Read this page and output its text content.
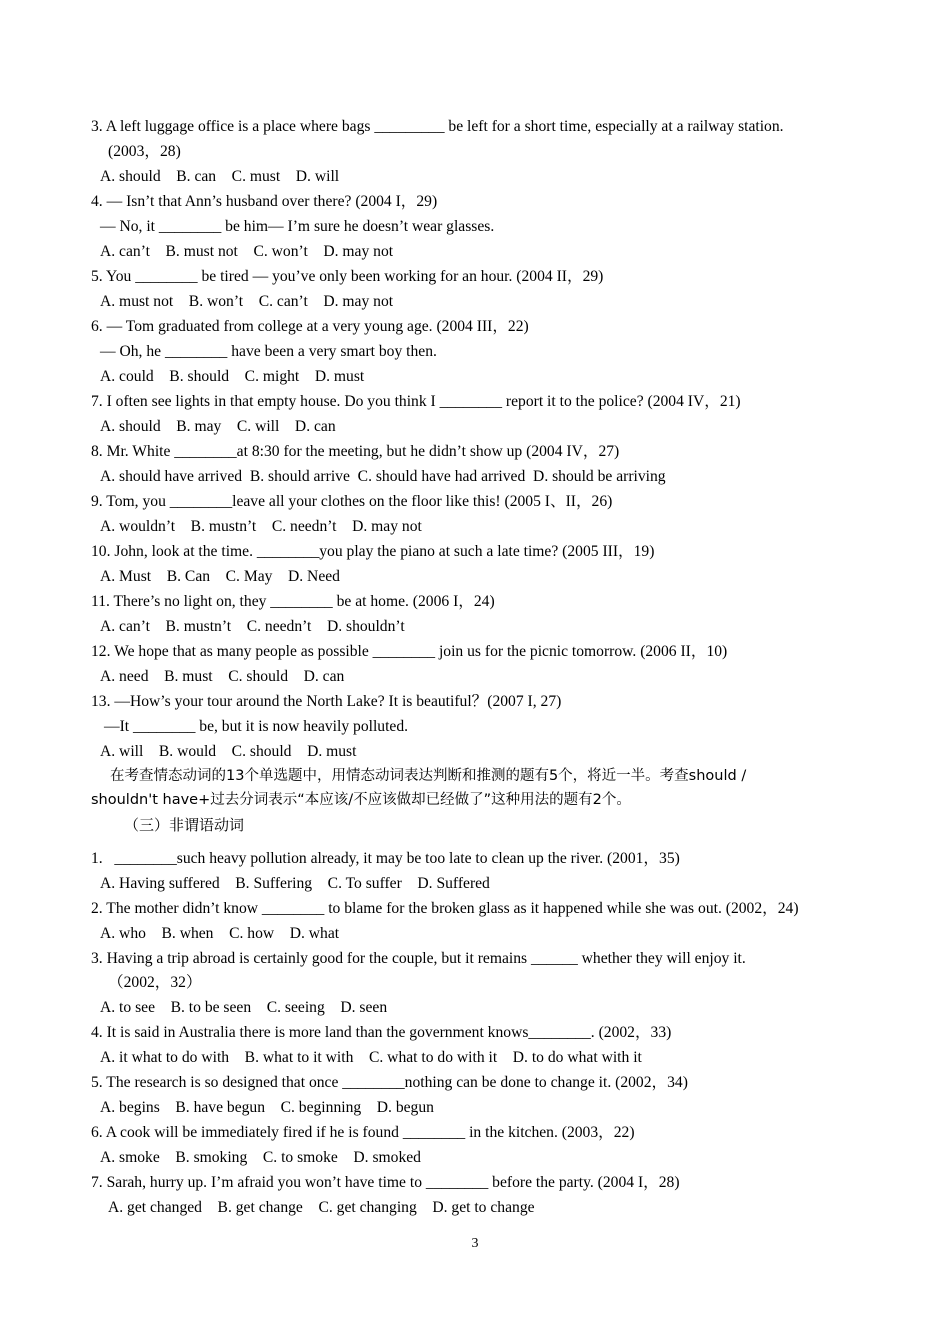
3. A left luggage office is a place where bags _________ be left for a short time, especially at a railway station.
(2003，28)
A. should    B. can    C. must    D. will
4. — Isn’t that Ann’s husband over there? (2004 I，29)
— No, it ________ be him— I’m sure he doesn’t wear glasses.
A. can’t    B. must not    C. won’t    D. may not
5. You ________ be tired — you’ve only been working for an hour. (2004 II，29)
A. must not    B. won’t    C. can’t    D. may not
6. — Tom graduated from college at a very young age. (2004 III，22)
— Oh, he ________ have been a very smart boy then.
A. could    B. should    C. might    D. must
7. I often see lights in that empty house. Do you think I ________ report it to the police? (2004 IV，21)
A. should    B. may    C. will    D. can
8. Mr. White ________at 8:30 for the meeting, but he didn’t show up (2004 IV，27)
A. should have arrived  B. should arrive  C. should have had arrived  D. should be arriving
9. Tom, you ________leave all your clothes on the floor like this! (2005 I、II，26)
A. wouldn’t    B. mustn’t    C. needn’t    D. may not
10. John, look at the time. ________you play the piano at such a late time? (2005 III，19)
A. Must    B. Can    C. May    D. Need
11. There’s no light on, they ________ be at home. (2006 I，24)
A. can’t    B. mustn’t    C. needn’t    D. shouldn’t
12. We hope that as many people as possible ________ join us for the picnic tomorrow. (2006 II，10)
A. need    B. must    C. should    D. can
13. —How’s your tour around the North Lake? It is beautiful？(2007 I, 27)
—It ________ be, but it is now heavily polluted.
A. will    B. would    C. should    D. must
在考查情态动词的13个单选题中，用情态动词表达判断和推测的题有5个，将近一半。考查should /
shouldn't have+过去分词表示“本应该/不应该做却已经做了”这种用法的题有2个。
（三）非谓语动词
1.   ________such heavy pollution already, it may be too late to clean up the river. (2001，35)
A. Having suffered    B. Suffering    C. To suffer    D. Suffered
2. The mother didn’t know ________ to blame for the broken glass as it happened while she was out. (2002，24)
A. who    B. when    C. how    D. what
3. Having a trip abroad is certainly good for the couple, but it remains ______ whether they will enjoy it.
（2002，32）
A. to see    B. to be seen    C. seeing    D. seen
4. It is said in Australia there is more land than the government knows________. (2002，33)
A. it what to do with    B. what to it with    C. what to do with it    D. to do what with it
5. The research is so designed that once ________nothing can be done to change it. (2002，34)
A. begins    B. have begun    C. beginning    D. begun
6. A cook will be immediately fired if he is found ________ in the kitchen. (2003，22)
A. smoke    B. smoking    C. to smoke    D. smoked
7. Sarah, hurry up. I’m afraid you won’t have time to ________ before the party. (2004 I，28)
A. get changed    B. get change    C. get changing    D. get to change
3
